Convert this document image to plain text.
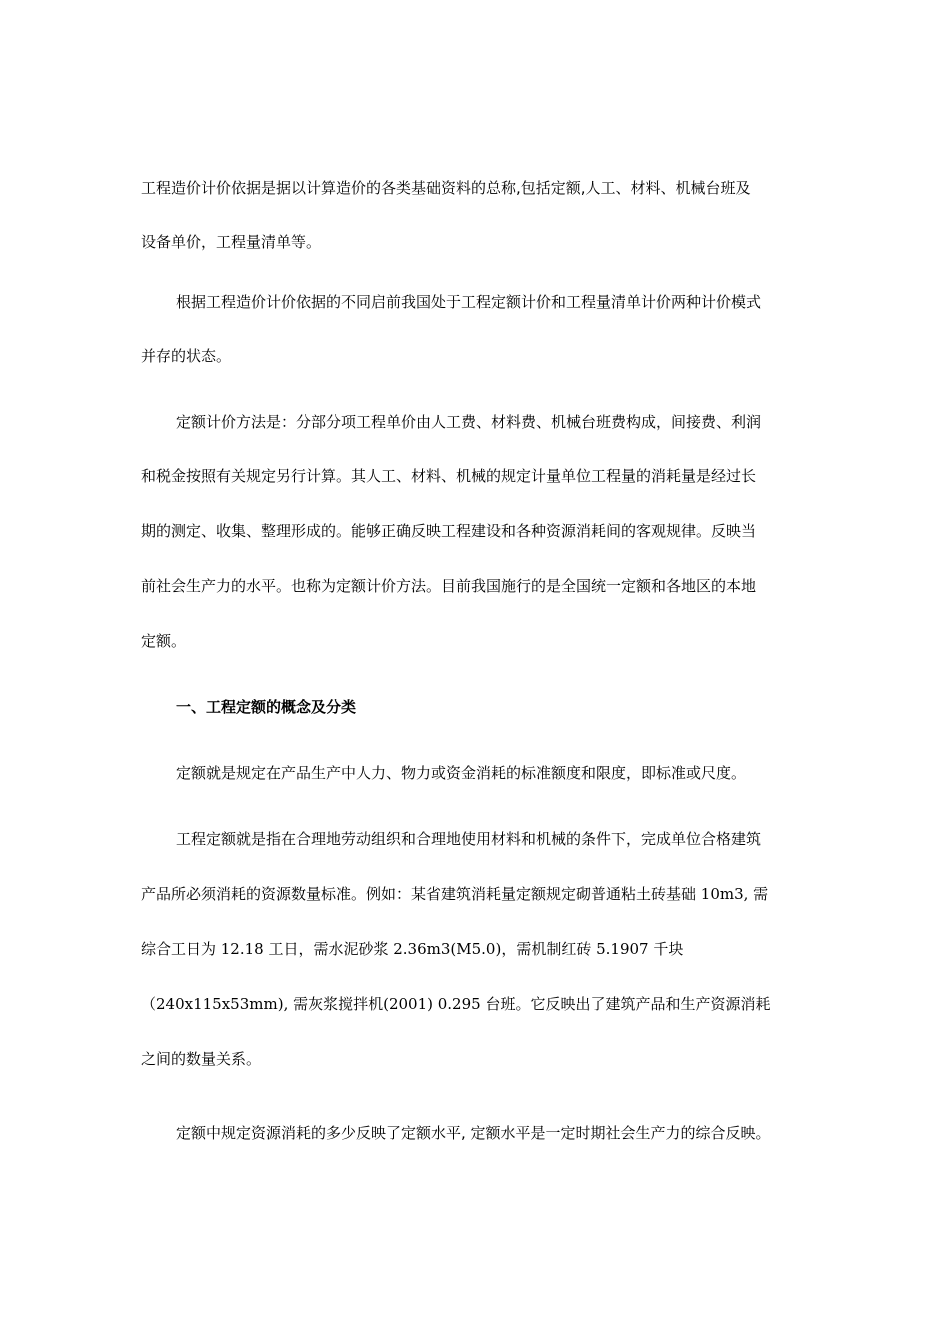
工程造价计价依据是据以计算造价的各类基础资料的总称,包括定额,人工、材料、机械台班及
设备单价，工程量清单等。
根据工程造价计价依据的不同启前我国处于工程定额计价和工程量清单计价两种计价模式
并存的状态。
定额计价方法是：分部分项工程单价由人工费、材料费、机械台班费构成，间接费、利润
和税金按照有关规定另行计算。其人工、材料、机械的规定计量单位工程量的消耗量是经过长
期的测定、收集、整理形成的。能够正确反映工程建设和各种资源消耗间的客观规律。反映当
前社会生产力的水平。也称为定额计价方法。目前我国施行的是全国统一定额和各地区的本地
定额。
一、工程定额的概念及分类
定额就是规定在产品生产中人力、物力或资金消耗的标准额度和限度，即标准或尺度。
工程定额就是指在合理地劳动组织和合理地使用材料和机械的条件下，完成单位合格建筑
产品所必须消耗的资源数量标准。例如：某省建筑消耗量定额规定砌普通粘土砖基础 10m3, 需
综合工日为 12.18 工日，需水泥砂浆 2.36m3(M5.0)，需机制红砖 5.1907 千块
（240x115x53mm), 需灰浆搅拌机(2001) 0.295 台班。它反映出了建筑产品和生产资源消耗
之间的数量关系。
定额中规定资源消耗的多少反映了定额水平, 定额水平是一定时期社会生产力的综合反映。
